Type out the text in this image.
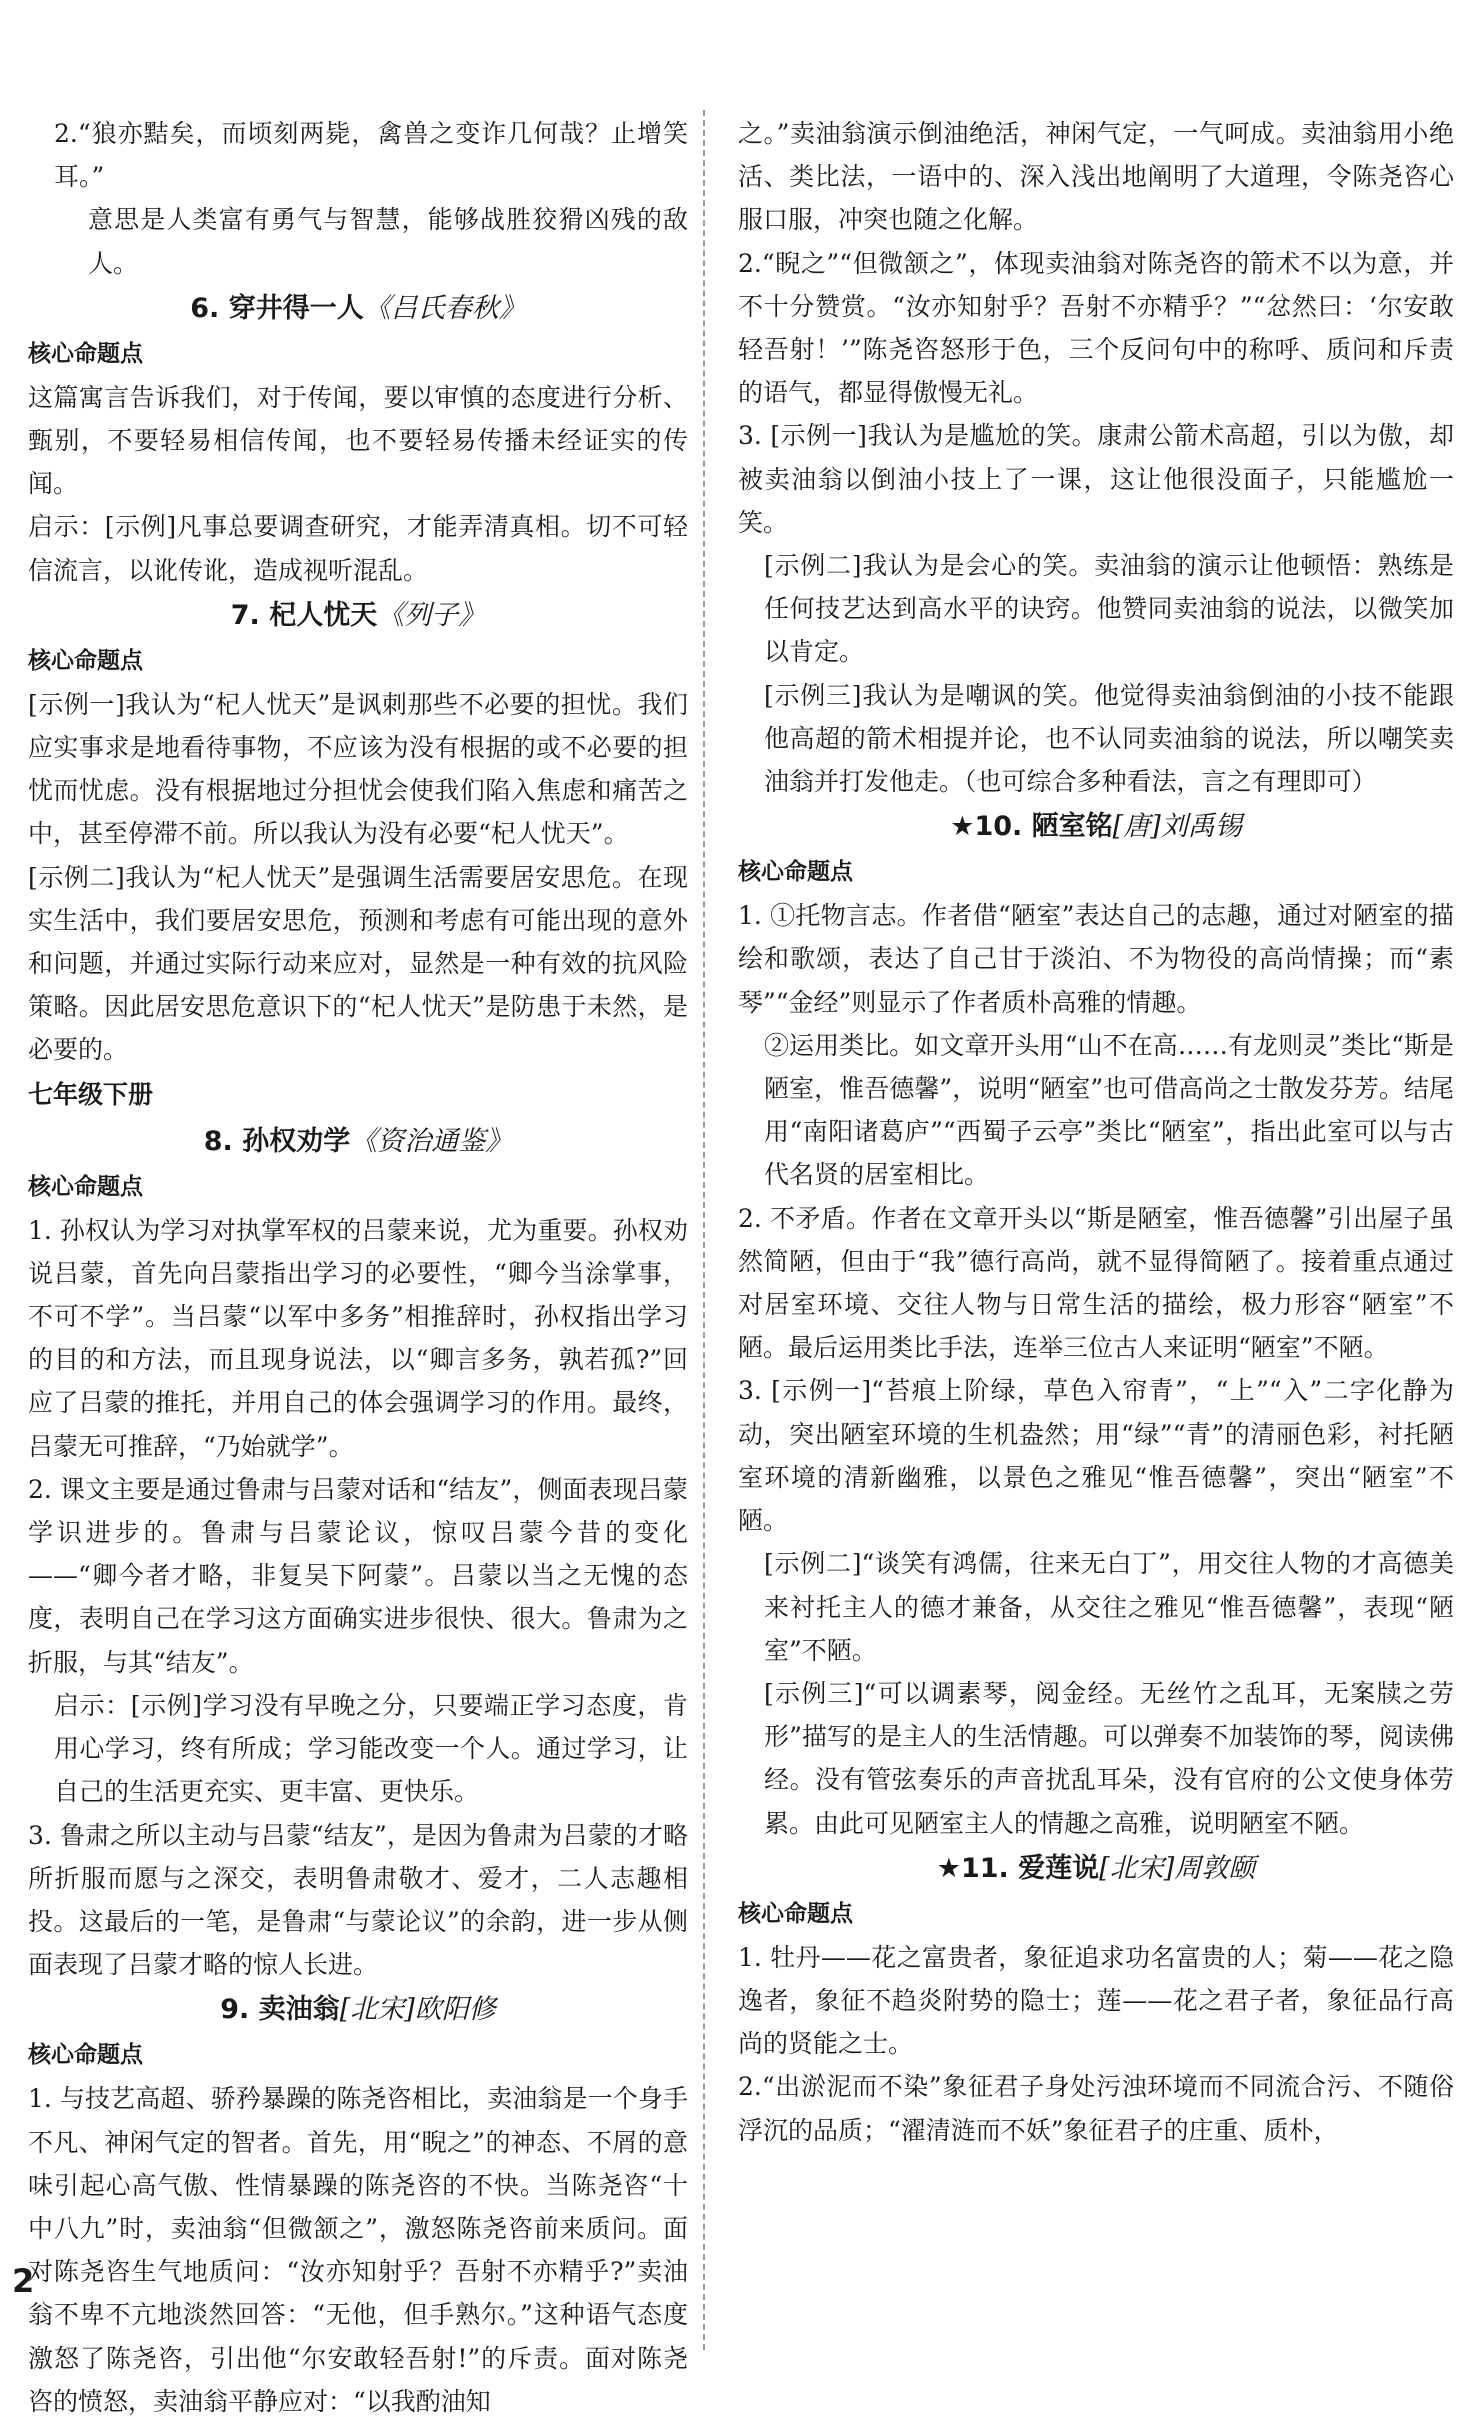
2.“狼亦黠矣，而顷刻两毙，禽兽之变诈几何哉？止增笑耳。”

意思是人类富有勇气与智慧，能够战胜狡猾凶残的敌人。

6. 穿井得一人《吕氏春秋》

核心命题点

这篇寓言告诉我们，对于传闻，要以审慎的态度进行分析、甄别，不要轻易相信传闻，也不要轻易传播未经证实的传闻。

启示：[示例]凡事总要调查研究，才能弄清真相。切不可轻信流言，以讹传讹，造成视听混乱。

7. 杞人忧天《列子》

核心命题点

[示例一]我认为“杞人忧天”是讽刺那些不必要的担忧。我们应实事求是地看待事物，不应该为没有根据的或不必要的担忧而忧虑。没有根据地过分担忧会使我们陷入焦虑和痛苦之中，甚至停滞不前。所以我认为没有必要“杞人忧天”。

[示例二]我认为“杞人忧天”是强调生活需要居安思危。在现实生活中，我们要居安思危，预测和考虑有可能出现的意外和问题，并通过实际行动来应对，显然是一种有效的抗风险策略。因此居安思危意识下的“杞人忧天”是防患于未然，是必要的。

七年级下册

8. 孙权劝学《资治通鉴》

核心命题点

1. 孙权认为学习对执掌军权的吕蒙来说，尤为重要。孙权劝说吕蒙，首先向吕蒙指出学习的必要性，“卿今当涂掌事，不可不学”。当吕蒙“以军中多务”相推辞时，孙权指出学习的目的和方法，而且现身说法，以“卿言多务，孰若孤?”回应了吕蒙的推托，并用自己的体会强调学习的作用。最终，吕蒙无可推辞，“乃始就学”。

2. 课文主要是通过鲁肃与吕蒙对话和“结友”，侧面表现吕蒙学识进步的。鲁肃与吕蒙论议，惊叹吕蒙今昔的变化——“卿今者才略，非复吴下阿蒙”。吕蒙以当之无愧的态度，表明自己在学习这方面确实进步很快、很大。鲁肃为之折服，与其“结友”。

启示：[示例]学习没有早晚之分，只要端正学习态度，肯用心学习，终有所成；学习能改变一个人。通过学习，让自己的生活更充实、更丰富、更快乐。

3. 鲁肃之所以主动与吕蒙“结友”，是因为鲁肃为吕蒙的才略所折服而愿与之深交，表明鲁肃敬才、爱才，二人志趣相投。这最后的一笔，是鲁肃“与蒙论议”的余韵，进一步从侧面表现了吕蒙才略的惊人长进。

9. 卖油翁[北宋]欧阳修

核心命题点

1. 与技艺高超、骄矜暴躁的陈尧咨相比，卖油翁是一个身手不凡、神闲气定的智者。首先，用“睨之”的神态、不屑的意味引起心高气傲、性情暴躁的陈尧咨的不快。当陈尧咨“十中八九”时，卖油翁“但微颔之”，激怒陈尧咨前来质问。面对陈尧咨生气地质问：“汝亦知射乎？吾射不亦精乎?”卖油翁不卑不亢地淡然回答：“无他，但手熟尔。”这种语气态度激怒了陈尧咨，引出他“尔安敢轻吾射!”的斥责。面对陈尧咨的愤怒，卖油翁平静应对：“以我酌油知

之。”卖油翁演示倒油绝活，神闲气定，一气呵成。卖油翁用小绝活、类比法，一语中的、深入浅出地阐明了大道理，令陈尧咨心服口服，冲突也随之化解。

2.“睨之”“但微颔之”，体现卖油翁对陈尧咨的箭术不以为意，并不十分赞赏。“汝亦知射乎？吾射不亦精乎？”“忿然曰：‘尔安敢轻吾射！’”陈尧咨怒形于色，三个反问句中的称呼、质问和斥责的语气，都显得傲慢无礼。

3. [示例一]我认为是尴尬的笑。康肃公箭术高超，引以为傲，却被卖油翁以倒油小技上了一课，这让他很没面子，只能尴尬一笑。

[示例二]我认为是会心的笑。卖油翁的演示让他顿悟：熟练是任何技艺达到高水平的诀窍。他赞同卖油翁的说法，以微笑加以肯定。

[示例三]我认为是嘲讽的笑。他觉得卖油翁倒油的小技不能跟他高超的箭术相提并论，也不认同卖油翁的说法，所以嘲笑卖油翁并打发他走。（也可综合多种看法，言之有理即可）

★10. 陋室铭[唐]刘禹锡

核心命题点

1. ①托物言志。作者借“陋室”表达自己的志趣，通过对陋室的描绘和歌颂，表达了自己甘于淡泊、不为物役的高尚情操；而“素琴”“金经”则显示了作者质朴高雅的情趣。

②运用类比。如文章开头用“山不在高……有龙则灵”类比“斯是陋室，惟吾德馨”，说明“陋室”也可借高尚之士散发芬芳。结尾用“南阳诸葛庐”“西蜀子云亭”类比“陋室”，指出此室可以与古代名贤的居室相比。

2. 不矛盾。作者在文章开头以“斯是陋室，惟吾德馨”引出屋子虽然简陋，但由于“我”德行高尚，就不显得简陋了。接着重点通过对居室环境、交往人物与日常生活的描绘，极力形容“陋室”不陋。最后运用类比手法，连举三位古人来证明“陋室”不陋。

3. [示例一]“苔痕上阶绿，草色入帘青”，“上”“入”二字化静为动，突出陋室环境的生机盎然；用“绿”“青”的清丽色彩，衬托陋室环境的清新幽雅，以景色之雅见“惟吾德馨”，突出“陋室”不陋。

[示例二]“谈笑有鸿儒，往来无白丁”，用交往人物的才高德美来衬托主人的德才兼备，从交往之雅见“惟吾德馨”，表现“陋室”不陋。

[示例三]“可以调素琴，阅金经。无丝竹之乱耳，无案牍之劳形”描写的是主人的生活情趣。可以弹奏不加装饰的琴，阅读佛经。没有管弦奏乐的声音扰乱耳朵，没有官府的公文使身体劳累。由此可见陋室主人的情趣之高雅，说明陋室不陋。

★11. 爱莲说[北宋]周敦颐

核心命题点

1. 牡丹——花之富贵者，象征追求功名富贵的人；菊——花之隐逸者，象征不趋炎附势的隐士；莲——花之君子者，象征品行高尚的贤能之士。

2.“出淤泥而不染”象征君子身处污浊环境而不同流合污、不随俗浮沉的品质；“濯清涟而不妖”象征君子的庄重、质朴，

2
